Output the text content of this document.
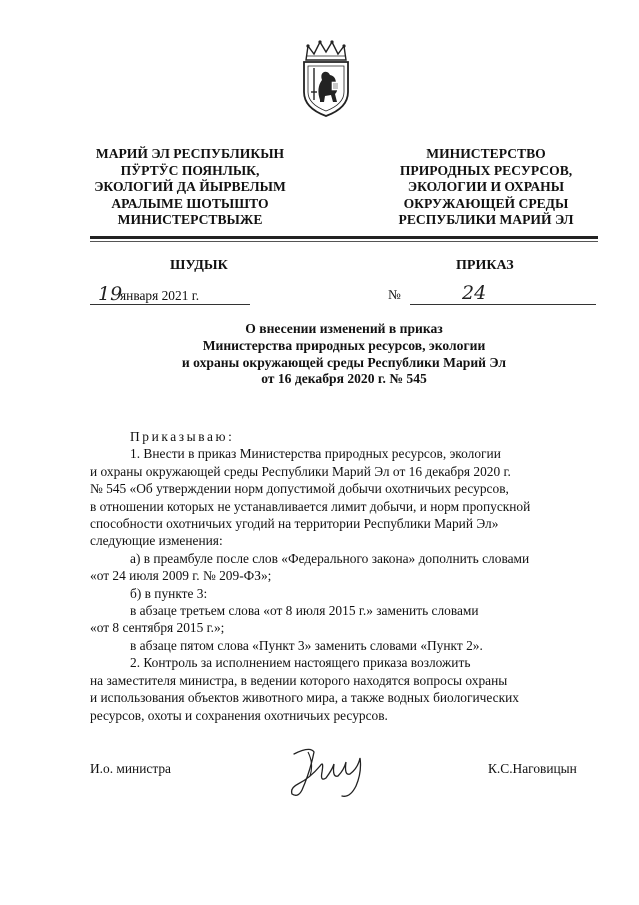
МАРИЙ ЭЛ РЕСПУБЛИКЫН
ПӰРТӰС ПОЯНЛЫК,
ЭКОЛОГИЙ ДА ЙЫРВЕЛЫМ
АРАЛЫМЕ ШОТЫШТО
МИНИСТЕРСТВЫЖЕ
МИНИСТЕРСТВО
ПРИРОДНЫХ РЕСУРСОВ,
ЭКОЛОГИИ И ОХРАНЫ
ОКРУЖАЮЩЕЙ СРЕДЫ
РЕСПУБЛИКИ МАРИЙ ЭЛ
ШУДЫК	ПРИКАЗ
19
января 2021 г.	№	24
О внесении изменений в приказ
Министерства природных ресурсов, экологии
и охраны окружающей среды Республики Марий Эл
от 16 декабря 2020 г. № 545
Приказываю:
1. Внести в приказ Министерства природных ресурсов, экологии
и охраны окружающей среды Республики Марий Эл от 16 декабря 2020 г.
№ 545 «Об утверждении норм допустимой добычи охотничьих ресурсов,
в отношении которых не устанавливается лимит добычи, и норм пропускной
способности охотничьих угодий на территории Республики Марий Эл»
следующие изменения:
а) в преамбуле после слов «Федерального закона» дополнить словами
«от 24 июля 2009 г. № 209-ФЗ»;
б) в пункте 3:
в абзаце третьем слова «от 8 июля 2015 г.» заменить словами
«от 8 сентября 2015 г.»;
в абзаце пятом слова «Пункт 3» заменить словами «Пункт 2».
2. Контроль за исполнением настоящего приказа возложить
на заместителя министра, в ведении которого находятся вопросы охраны
и использования объектов животного мира, а также водных биологических
ресурсов, охоты и сохранения охотничьих ресурсов.
И.о. министра	К.С.Наговицын
